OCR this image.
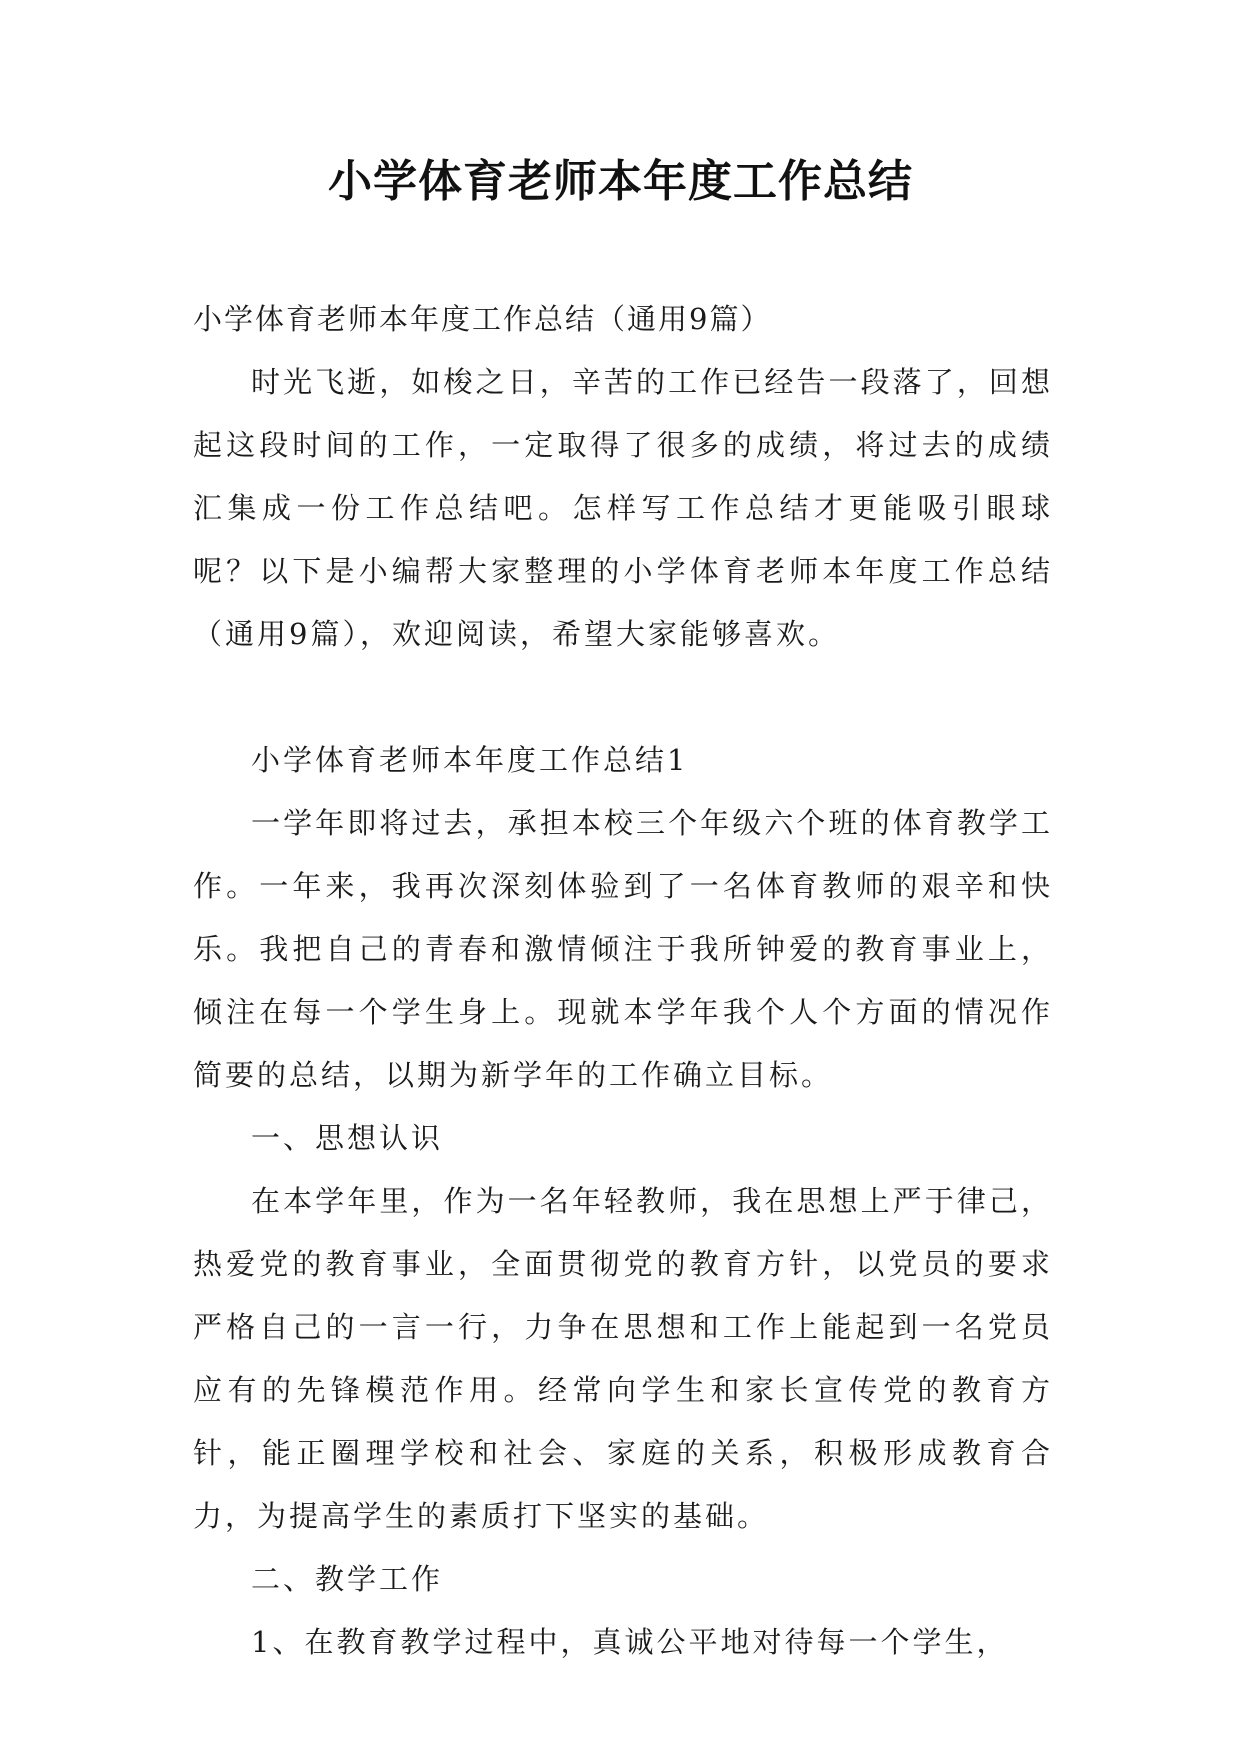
小学体育老师本年度工作总结

小学体育老师本年度工作总结（通用9篇）

时光飞逝，如梭之日，辛苦的工作已经告一段落了，回想起这段时间的工作，一定取得了很多的成绩，将过去的成绩汇集成一份工作总结吧。怎样写工作总结才更能吸引眼球呢？以下是小编帮大家整理的小学体育老师本年度工作总结（通用9篇），欢迎阅读，希望大家能够喜欢。

小学体育老师本年度工作总结1

一学年即将过去，承担本校三个年级六个班的体育教学工作。一年来，我再次深刻体验到了一名体育教师的艰辛和快乐。我把自己的青春和激情倾注于我所钟爱的教育事业上，倾注在每一个学生身上。现就本学年我个人个方面的情况作简要的总结，以期为新学年的工作确立目标。

一、思想认识

在本学年里，作为一名年轻教师，我在思想上严于律己，热爱党的教育事业，全面贯彻党的教育方针，以党员的要求严格自己的一言一行，力争在思想和工作上能起到一名党员应有的先锋模范作用。经常向学生和家长宣传党的教育方针，能正圈理学校和社会、家庭的关系，积极形成教育合力，为提高学生的素质打下坚实的基础。

二、教学工作

1、在教育教学过程中，真诚公平地对待每一个学生，
